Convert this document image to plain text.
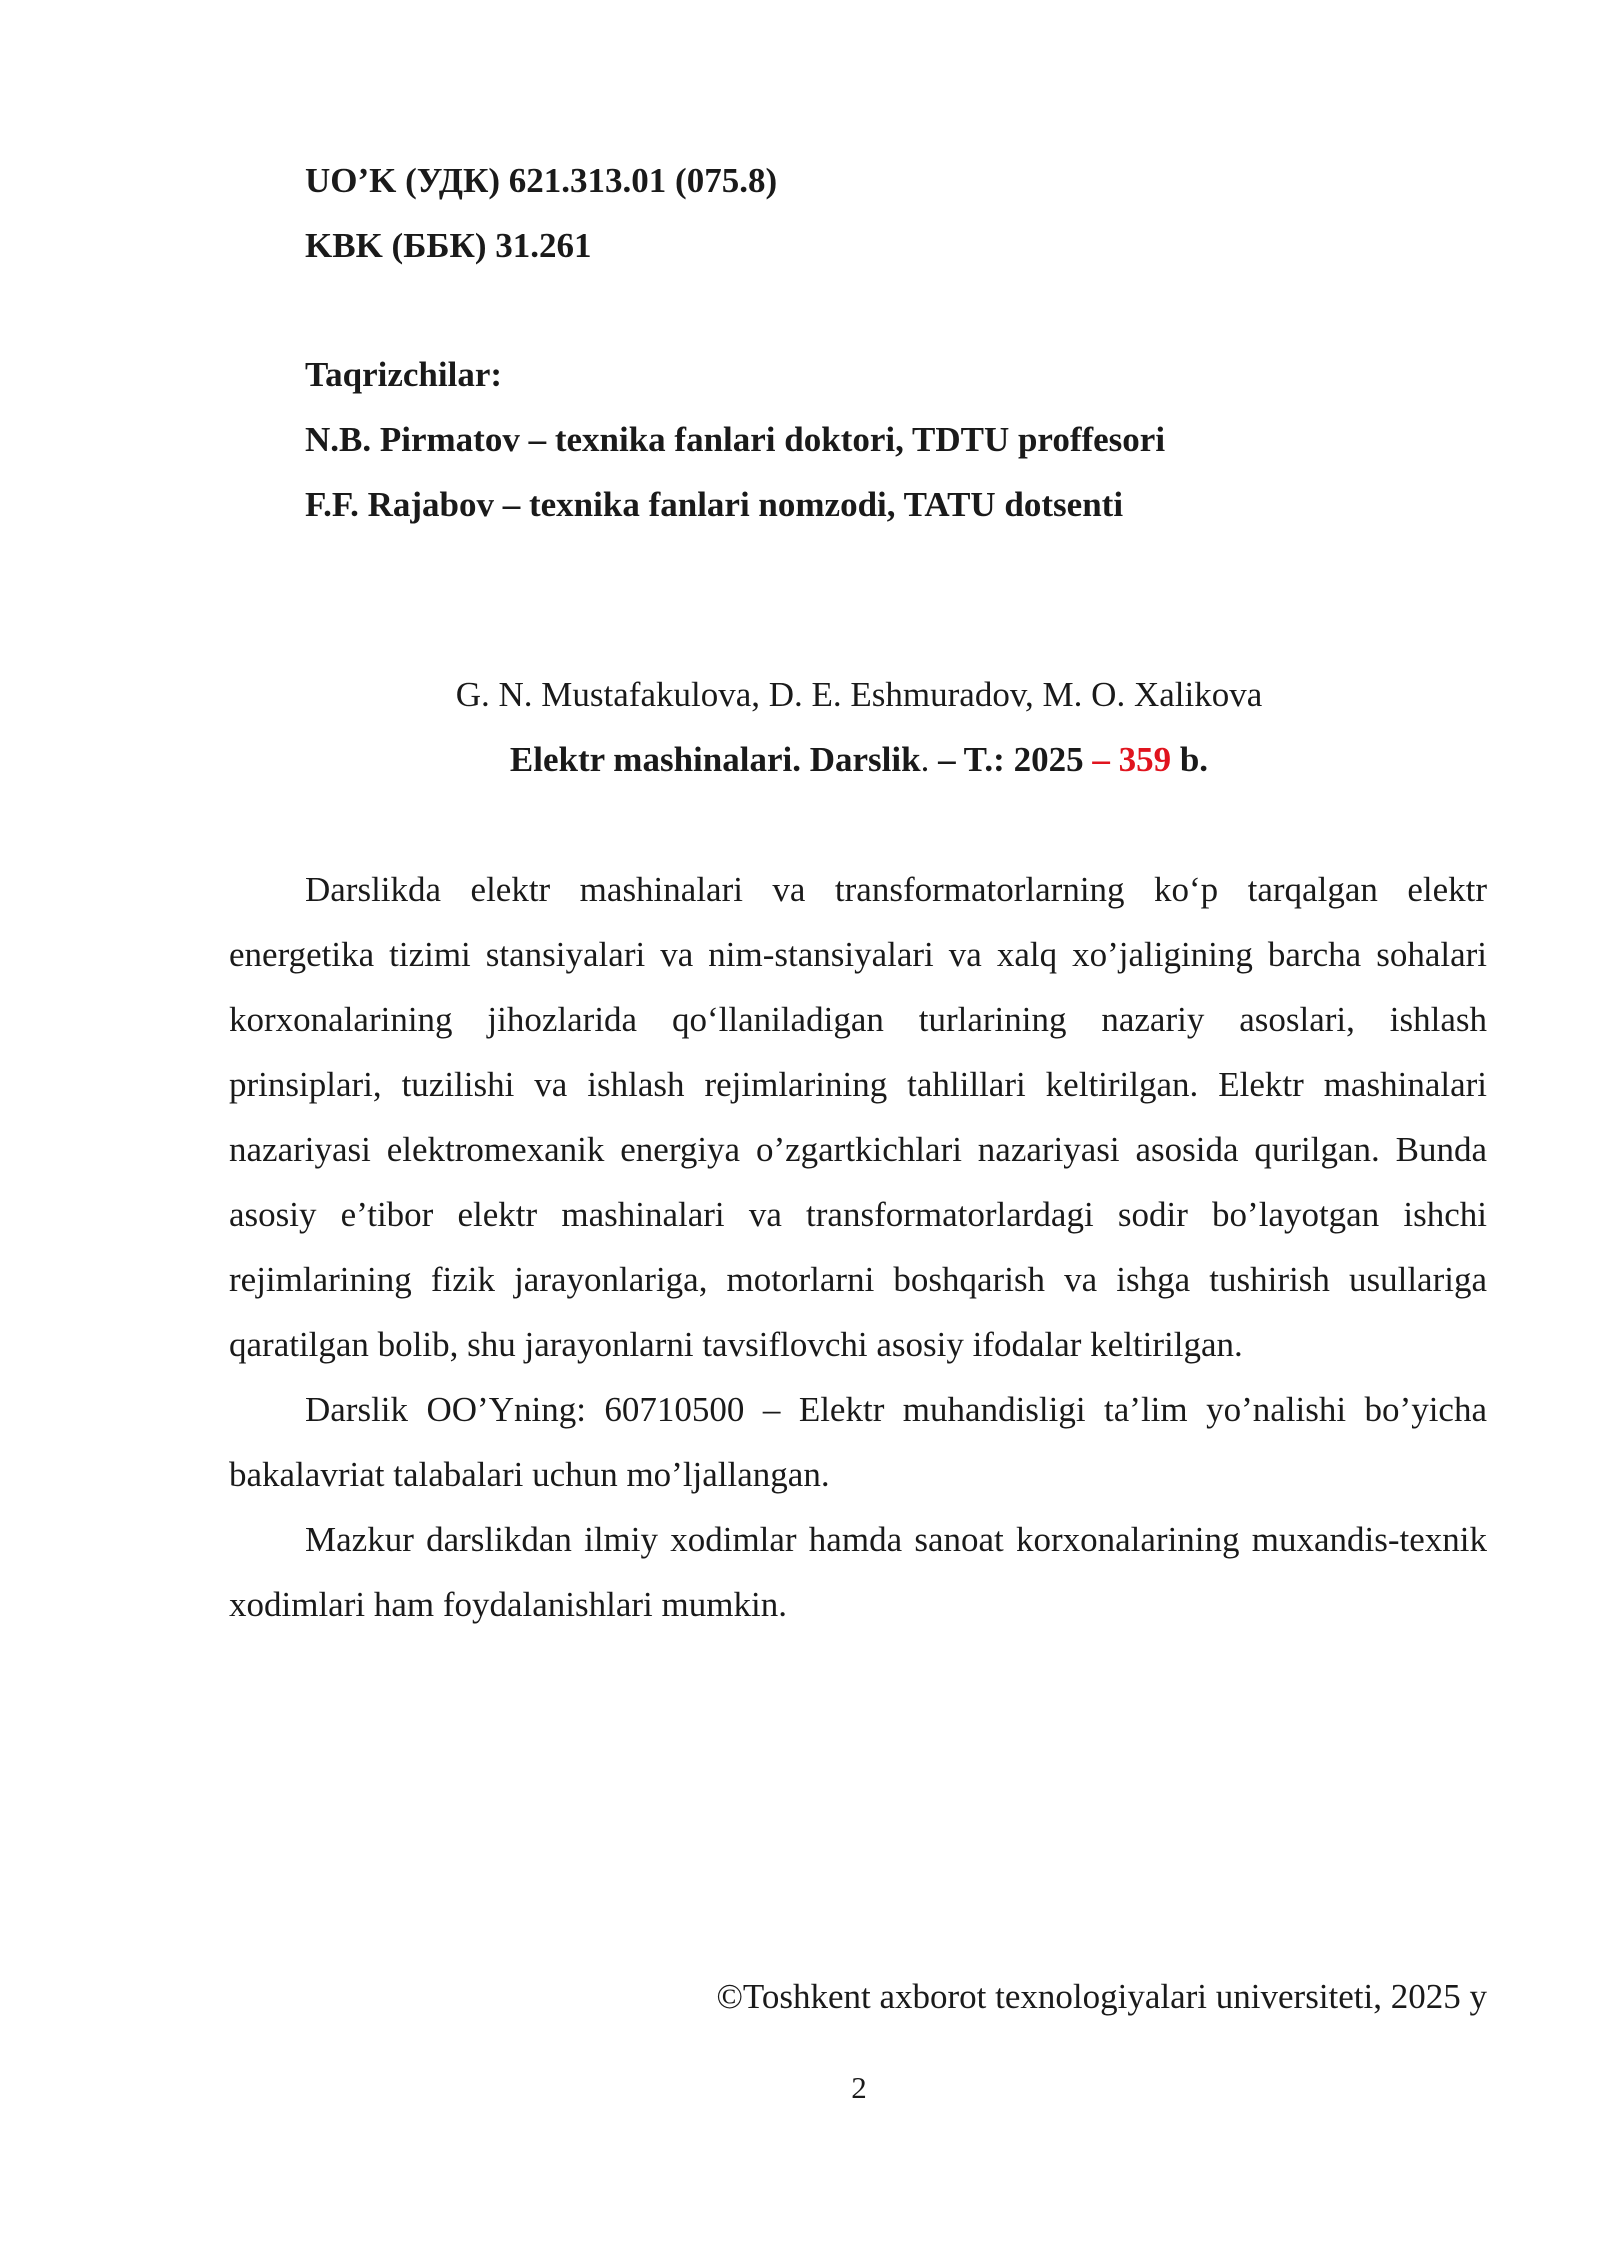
UO’K (УДК) 621.313.01 (075.8)
KBK (ББК) 31.261
Taqrizchilar:
N.B. Pirmatov – texnika fanlari doktori, TDTU proffesori
F.F. Rajabov – texnika fanlari nomzodi, TATU dotsenti
G. N. Mustafakulova, D. E. Eshmuradov, M. O. Xalikova
Elektr mashinalari. Darslik. – T.: 2025 – 359 b.

Darslikda elektr mashinalari va transformatorlarning ko‘p tarqalgan elektr energetika tizimi stansiyalari va nim-stansiyalari va xalq xo’jaligining barcha sohalari korxonalarining jihozlarida qo‘llaniladigan turlarining nazariy asoslari, ishlash prinsiplari, tuzilishi va ishlash rejimlarining tahlillari keltirilgan. Elektr mashinalari nazariyasi elektromexanik energiya o’zgartkichlari nazariyasi asosida qurilgan. Bunda asosiy e’tibor elektr mashinalari va transformatorlardagi sodir bo’layotgan ishchi rejimlarining fizik jarayonlariga, motorlarni boshqarish va ishga tushirish usullariga qaratilgan bolib, shu jarayonlarni tavsiflovchi asosiy ifodalar keltirilgan.

Darslik OO’Yning: 60710500 – Elektr muhandisligi ta’lim yo’nalishi bo’yicha bakalavriat talabalari uchun mo’ljallangan.

Mazkur darslikdan ilmiy xodimlar hamda sanoat korxonalarining muxandis-texnik xodimlari ham foydalanishlari mumkin.

©Toshkent axborot texnologiyalari universiteti, 2025 y
2
